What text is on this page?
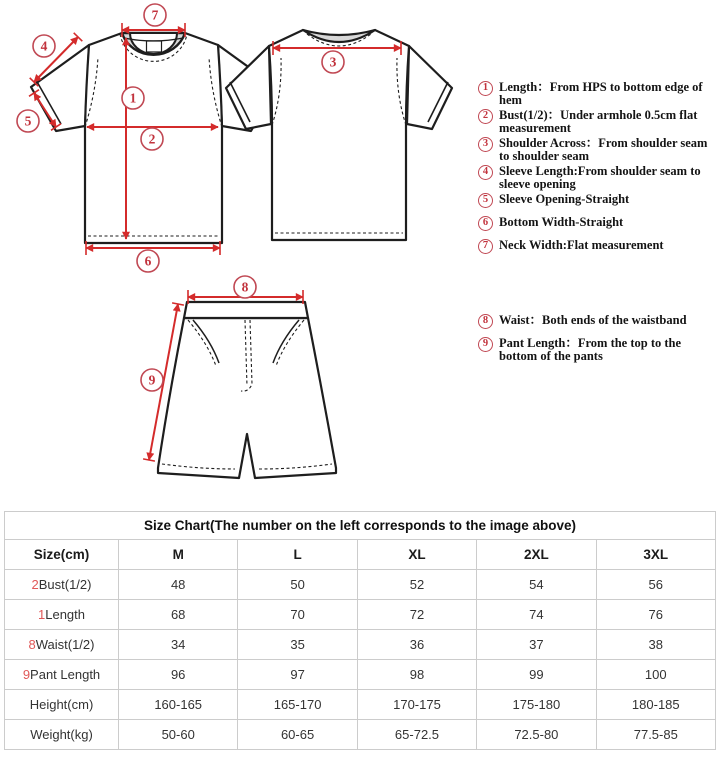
7
4
5
1
2
6
3
8
9
1 Length：From HPS to bottom edge of hem
2 Bust(1/2)：Under armhole 0.5cm flat measurement
3 Shoulder Across：From shoulder seam to shoulder seam
4 Sleeve Length:From shoulder seam to sleeve opening
5 Sleeve Opening-Straight
6 Bottom Width-Straight
7 Neck Width:Flat measurement
8 Waist：Both ends of the waistband
9 Pant Length：From the top to the bottom of the pants
Size Chart(The number on the left corresponds to the image above)					
Size(cm)	M	L	XL	2XL	3XL
2Bust(1/2)	48	50	52	54	56
1Length	68	70	72	74	76
8Waist(1/2)	34	35	36	37	38
9Pant Length	96	97	98	99	100
Height(cm)	160-165	165-170	170-175	175-180	180-185
Weight(kg)	50-60	60-65	65-72.5	72.5-80	77.5-85
